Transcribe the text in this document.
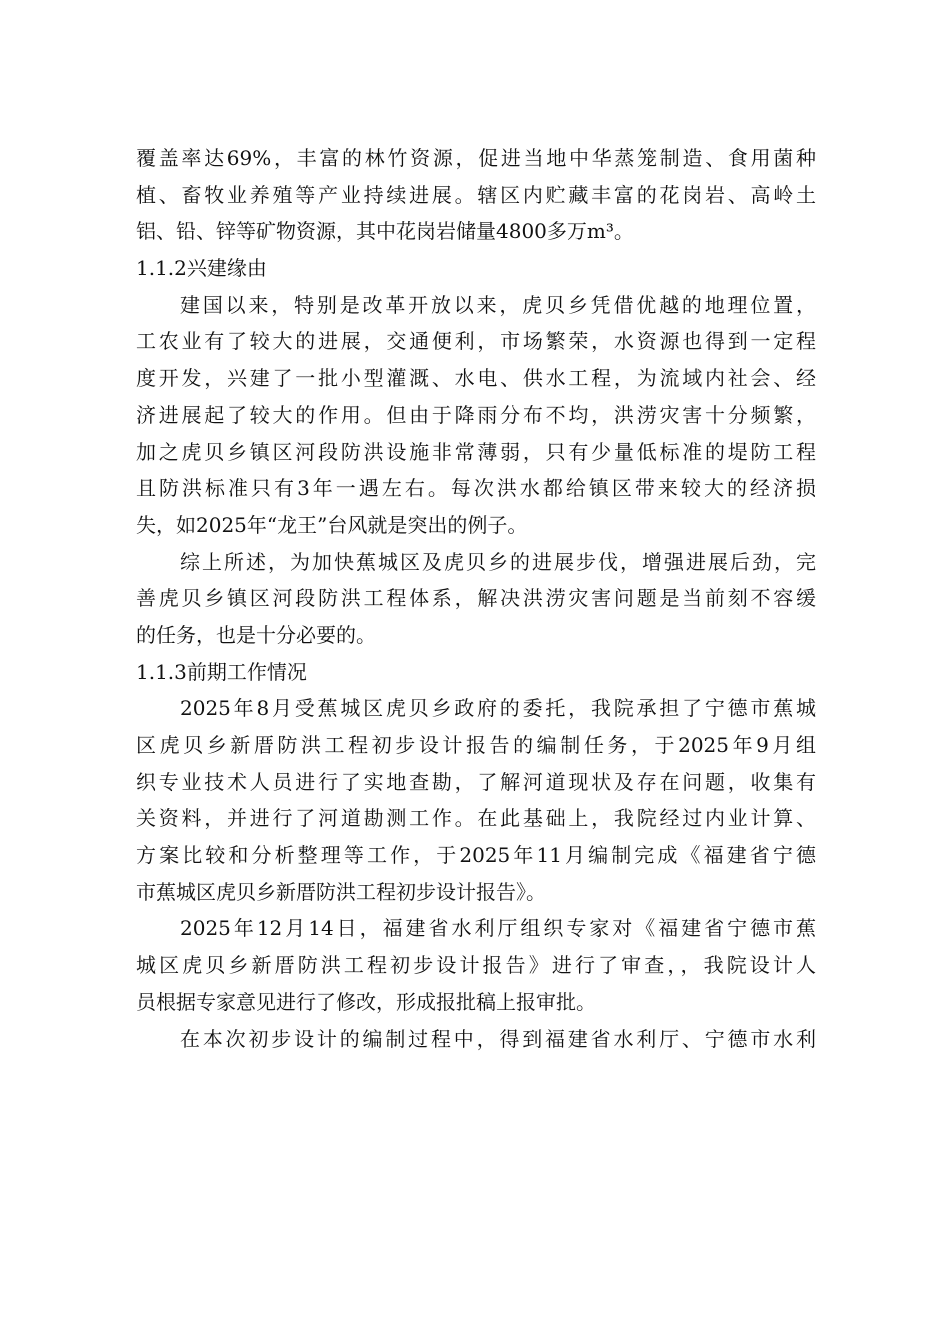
覆盖率达69%，丰富的林竹资源，促进当地中华蒸笼制造、食用菌种
植、畜牧业养殖等产业持续进展。辖区内贮藏丰富的花岗岩、高岭土
铝、铅、锌等矿物资源，其中花岗岩储量4800多万m³。
1.1.2兴建缘由
建国以来，特别是改革开放以来，虎贝乡凭借优越的地理位置，
工农业有了较大的进展，交通便利，市场繁荣，水资源也得到一定程
度开发，兴建了一批小型灌溉、水电、供水工程，为流域内社会、经
济进展起了较大的作用。但由于降雨分布不均，洪涝灾害十分频繁，
加之虎贝乡镇区河段防洪设施非常薄弱，只有少量低标准的堤防工程
且防洪标准只有3年一遇左右。每次洪水都给镇区带来较大的经济损
失，如2025年“龙王”台风就是突出的例子。
综上所述，为加快蕉城区及虎贝乡的进展步伐，增强进展后劲，完
善虎贝乡镇区河段防洪工程体系，解决洪涝灾害问题是当前刻不容缓
的任务，也是十分必要的。
1.1.3前期工作情况
2025年8月受蕉城区虎贝乡政府的委托，我院承担了宁德市蕉城
区虎贝乡新厝防洪工程初步设计报告的编制任务，于2025年9月组
织专业技术人员进行了实地查勘，了解河道现状及存在问题，收集有
关资料，并进行了河道勘测工作。在此基础上，我院经过内业计算、
方案比较和分析整理等工作，于2025年11月编制完成《福建省宁德
市蕉城区虎贝乡新厝防洪工程初步设计报告》。
2025年12月14日，福建省水利厅组织专家对《福建省宁德市蕉
城区虎贝乡新厝防洪工程初步设计报告》进行了审查，，我院设计人
员根据专家意见进行了修改，形成报批稿上报审批。
在本次初步设计的编制过程中，得到福建省水利厅、宁德市水利
